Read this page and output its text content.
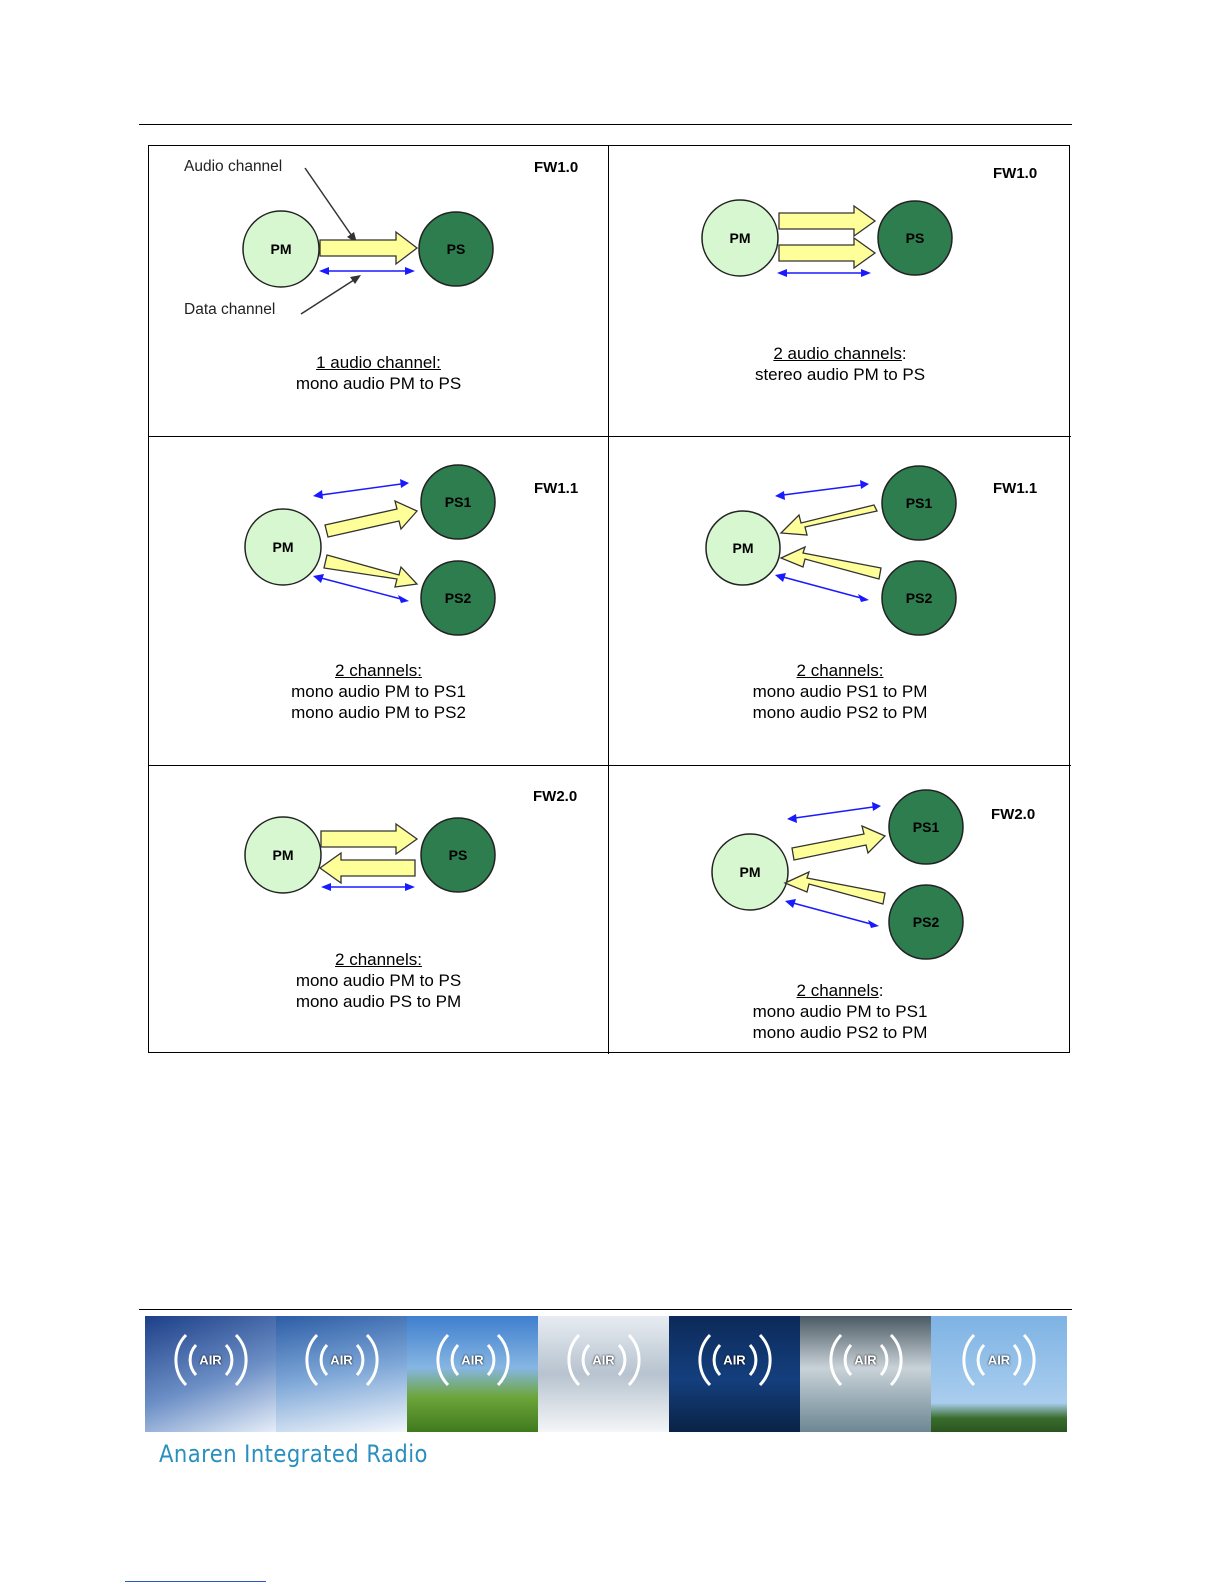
PM	PS
Audio channel
Data channel
FW1.0
1 audio channel:
mono audio PM to PS
PM	PS
FW1.0
2 audio channels:
stereo audio PM to PS
PM
PS1
PS2
FW1.1
2 channels:
mono audio PM to PS1
mono audio PM to PS2
PM
PS1
PS2
FW1.1
2 channels:
mono audio PS1 to PM
mono audio PS2 to PM
PM	PS
FW2.0
2 channels:
mono audio PM to PS
mono audio PS to PM
PM
PS1
PS2
FW2.0
2 channels:
mono audio PM to PS1
mono audio PS2 to PM
AIR	AIR	AIR	AIR	AIR	AIR	AIR
Anaren Integrated Radio
